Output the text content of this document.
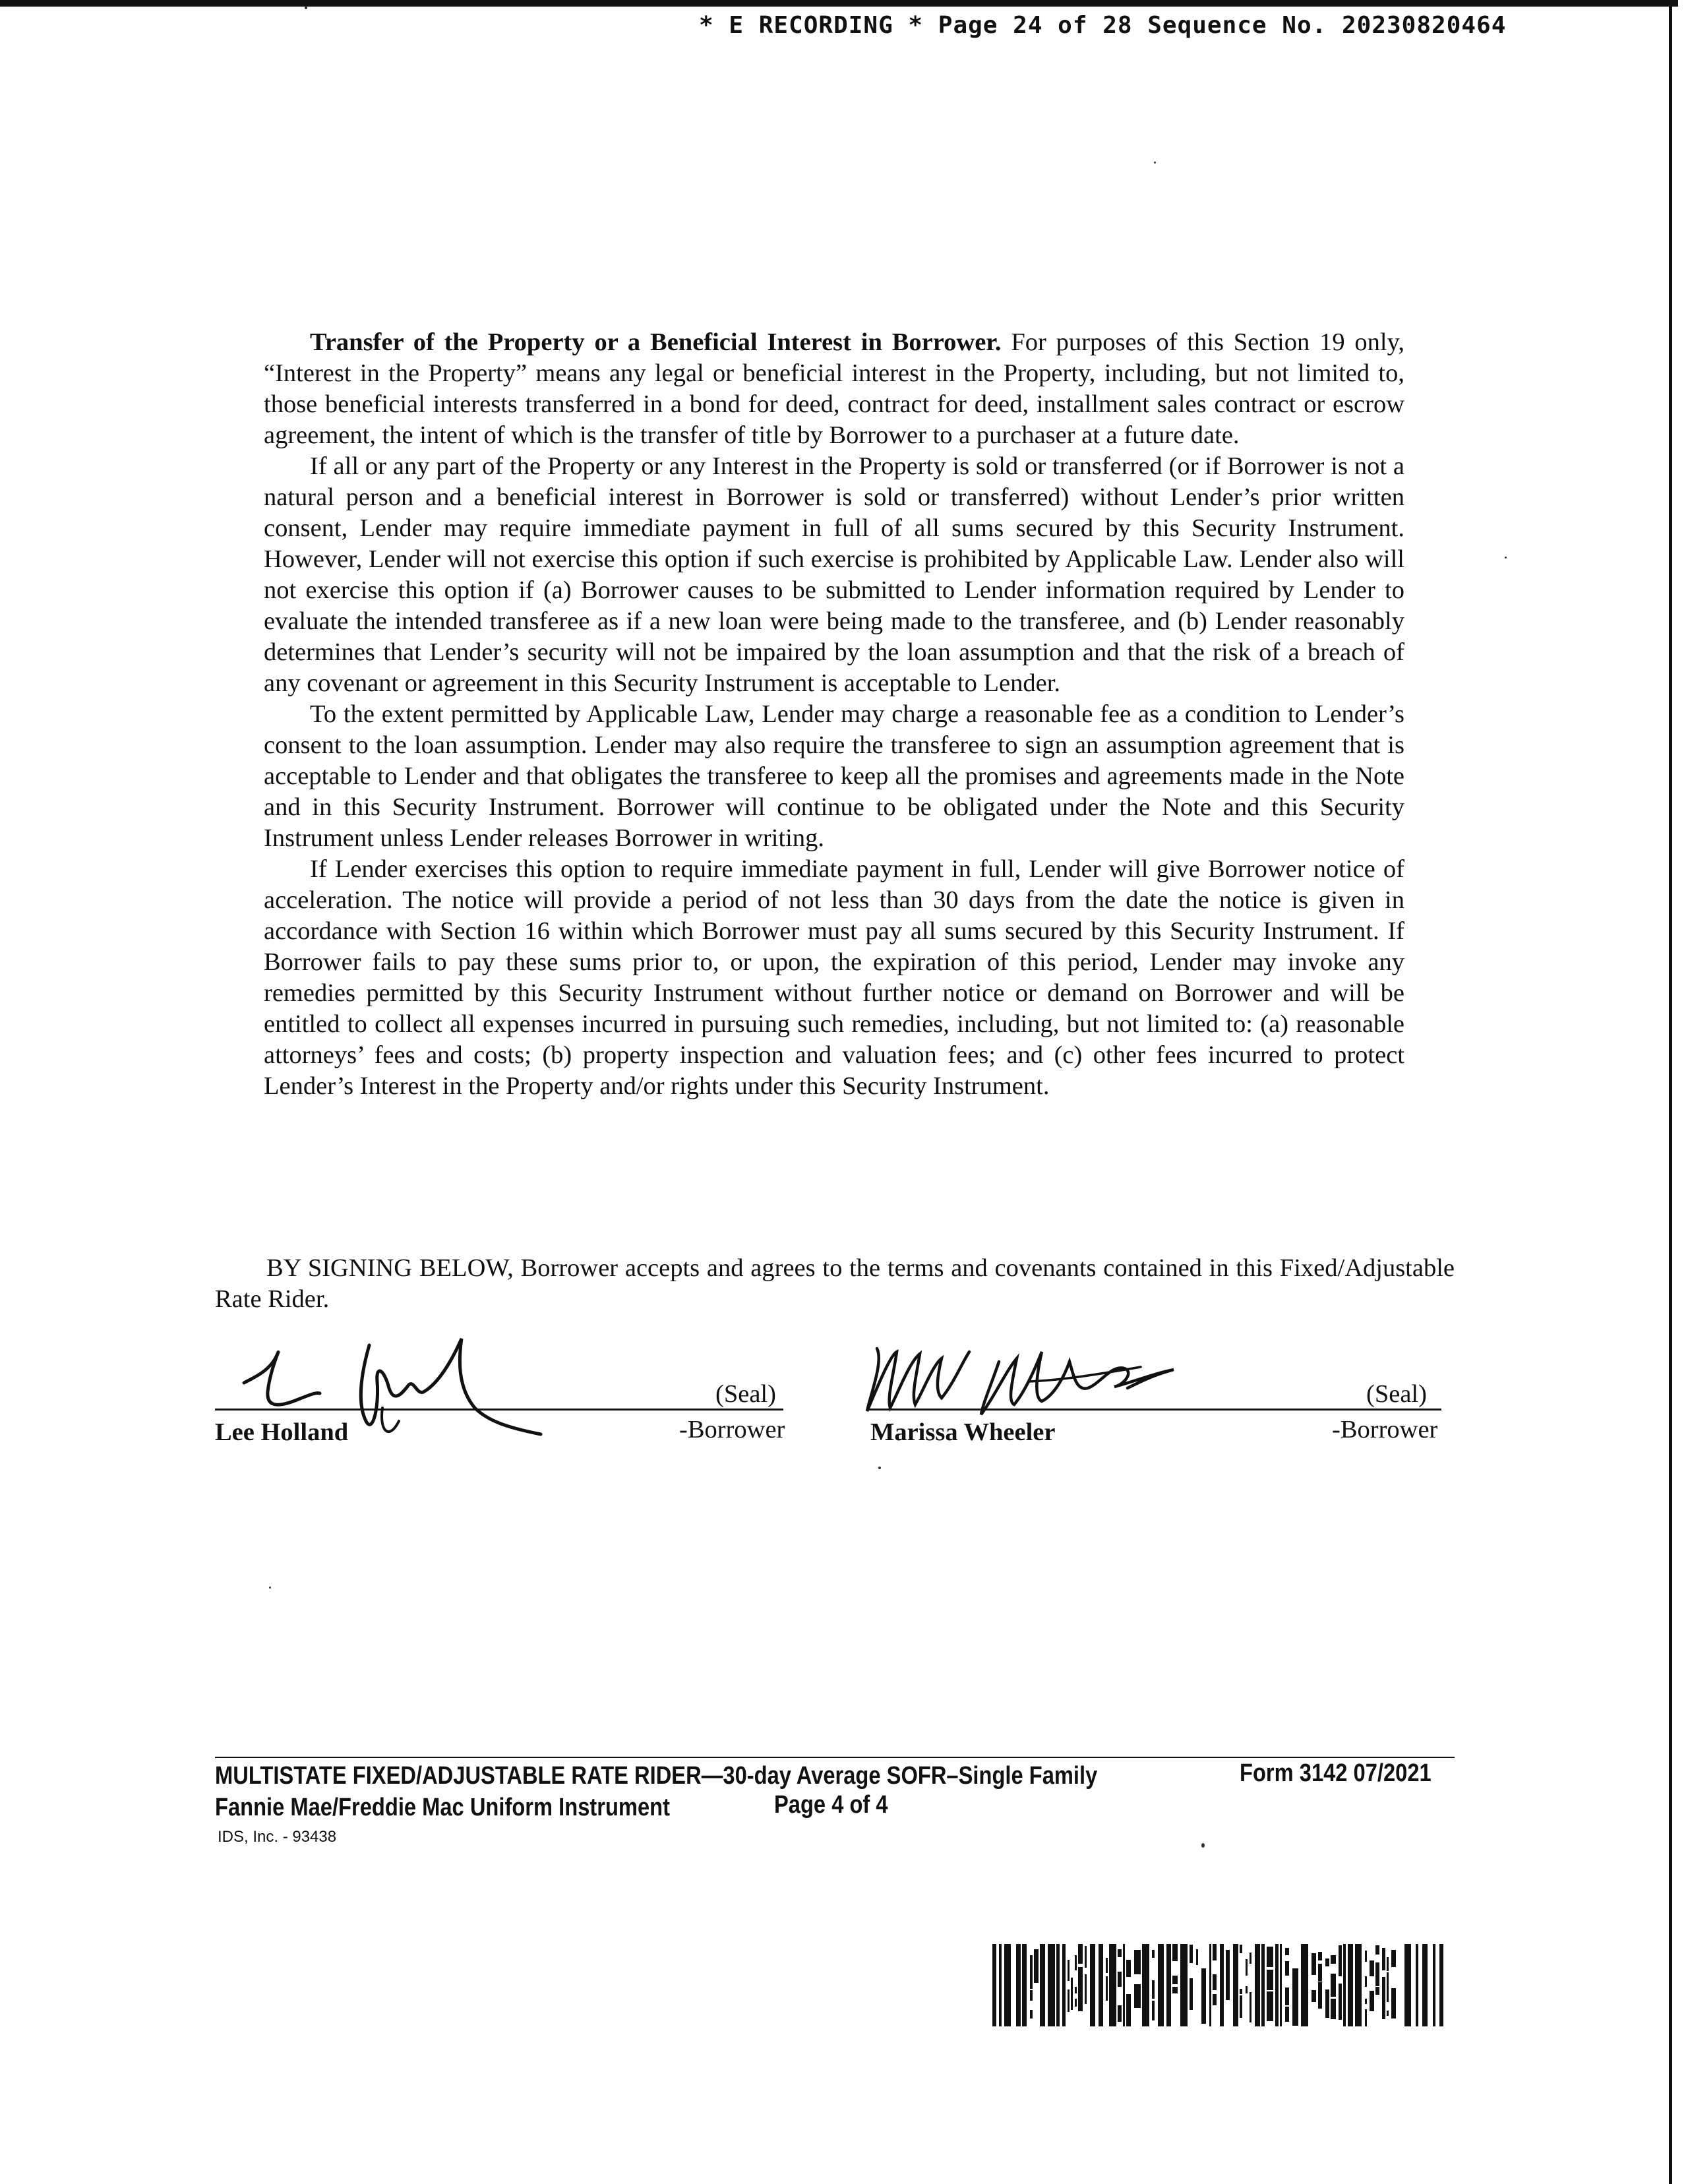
* E RECORDING * Page 24 of 28 Sequence No. 20230820464

Transfer of the Property or a Beneficial Interest in Borrower. For purposes of this Section 19 only, “Interest in the Property” means any legal or beneficial interest in the Property, including, but not limited to, those beneficial interests transferred in a bond for deed, contract for deed, installment sales contract or escrow agreement, the intent of which is the transfer of title by Borrower to a purchaser at a future date.

If all or any part of the Property or any Interest in the Property is sold or transferred (or if Borrower is not a natural person and a beneficial interest in Borrower is sold or transferred) without Lender’s prior written consent, Lender may require immediate payment in full of all sums secured by this Security Instrument. However, Lender will not exercise this option if such exercise is prohibited by Applicable Law. Lender also will not exercise this option if (a) Borrower causes to be submitted to Lender information required by Lender to evaluate the intended transferee as if a new loan were being made to the transferee, and (b) Lender reasonably determines that Lender’s security will not be impaired by the loan assumption and that the risk of a breach of any covenant or agreement in this Security Instrument is acceptable to Lender.

To the extent permitted by Applicable Law, Lender may charge a reasonable fee as a condition to Lender’s consent to the loan assumption. Lender may also require the transferee to sign an assumption agreement that is acceptable to Lender and that obligates the transferee to keep all the promises and agreements made in the Note and in this Security Instrument. Borrower will continue to be obligated under the Note and this Security Instrument unless Lender releases Borrower in writing.

If Lender exercises this option to require immediate payment in full, Lender will give Borrower notice of acceleration. The notice will provide a period of not less than 30 days from the date the notice is given in accordance with Section 16 within which Borrower must pay all sums secured by this Security Instrument. If Borrower fails to pay these sums prior to, or upon, the expiration of this period, Lender may invoke any remedies permitted by this Security Instrument without further notice or demand on Borrower and will be entitled to collect all expenses incurred in pursuing such remedies, including, but not limited to: (a) reasonable attorneys’ fees and costs; (b) property inspection and valuation fees; and (c) other fees incurred to protect Lender’s Interest in the Property and/or rights under this Security Instrument.

BY SIGNING BELOW, Borrower accepts and agrees to the terms and covenants contained in this Fixed/Adjustable Rate Rider.
(Seal)
Lee Holland	-Borrower
(Seal)
Marissa Wheeler	-Borrower
MULTISTATE FIXED/ADJUSTABLE RATE RIDER—30-day Average SOFR–Single Family	Form 3142 07/2021
Fannie Mae/Freddie Mac Uniform Instrument	Page 4 of 4
IDS, Inc. - 93438
